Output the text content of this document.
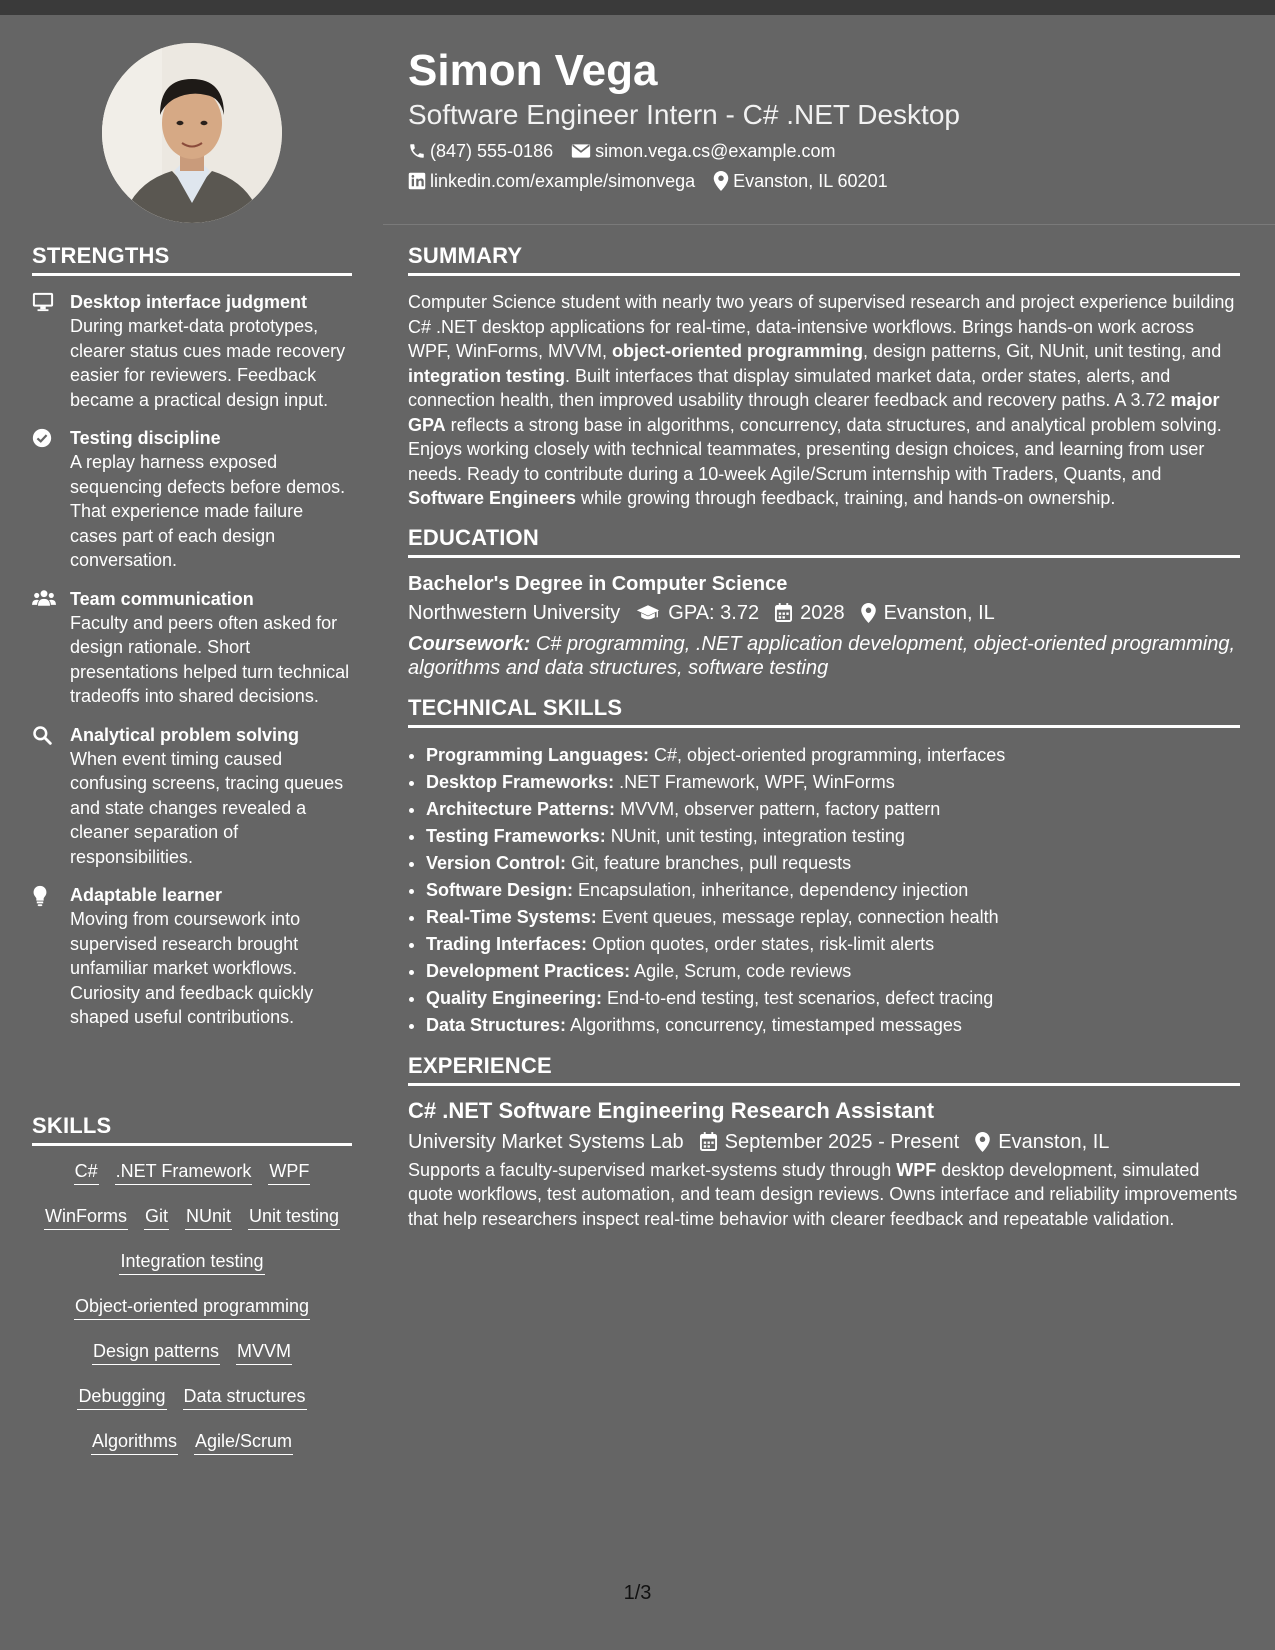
Simon Vega
Software Engineer Intern - C# .NET Desktop
(847) 555-0186 simon.vega.cs@example.com
linkedin.com/example/simonvega Evanston, IL 60201
STRENGTHS
Desktop interface judgment
During market-data prototypes, clearer status cues made recovery easier for reviewers. Feedback became a practical design input.
Testing discipline
A replay harness exposed sequencing defects before demos. That experience made failure cases part of each design conversation.
Team communication
Faculty and peers often asked for design rationale. Short presentations helped turn technical tradeoffs into shared decisions.
Analytical problem solving
When event timing caused confusing screens, tracing queues and state changes revealed a cleaner separation of responsibilities.
Adaptable learner
Moving from coursework into supervised research brought unfamiliar market workflows. Curiosity and feedback quickly shaped useful contributions.
SKILLS
C# .NET Framework WPF
WinForms Git NUnit Unit testing
Integration testing
Object-oriented programming
Design patterns MVVM
Debugging Data structures
Algorithms Agile/Scrum
SUMMARY
Computer Science student with nearly two years of supervised research and project experience building C# .NET desktop applications for real-time, data-intensive workflows. Brings hands-on work across WPF, WinForms, MVVM, object-oriented programming, design patterns, Git, NUnit, unit testing, and integration testing. Built interfaces that display simulated market data, order states, alerts, and connection health, then improved usability through clearer feedback and recovery paths. A 3.72 major GPA reflects a strong base in algorithms, concurrency, data structures, and analytical problem solving. Enjoys working closely with technical teammates, presenting design choices, and learning from user needs. Ready to contribute during a 10-week Agile/Scrum internship with Traders, Quants, and Software Engineers while growing through feedback, training, and hands-on ownership.
EDUCATION
Bachelor's Degree in Computer Science
Northwestern University GPA: 3.72 2028 Evanston, IL
Coursework: C# programming, .NET application development, object-oriented programming, algorithms and data structures, software testing
TECHNICAL SKILLS
• Programming Languages: C#, object-oriented programming, interfaces
• Desktop Frameworks: .NET Framework, WPF, WinForms
• Architecture Patterns: MVVM, observer pattern, factory pattern
• Testing Frameworks: NUnit, unit testing, integration testing
• Version Control: Git, feature branches, pull requests
• Software Design: Encapsulation, inheritance, dependency injection
• Real-Time Systems: Event queues, message replay, connection health
• Trading Interfaces: Option quotes, order states, risk-limit alerts
• Development Practices: Agile, Scrum, code reviews
• Quality Engineering: End-to-end testing, test scenarios, defect tracing
• Data Structures: Algorithms, concurrency, timestamped messages
EXPERIENCE
C# .NET Software Engineering Research Assistant
University Market Systems Lab September 2025 - Present Evanston, IL
Supports a faculty-supervised market-systems study through WPF desktop development, simulated quote workflows, test automation, and team design reviews. Owns interface and reliability improvements that help researchers inspect real-time behavior with clearer feedback and repeatable validation.
1/3
